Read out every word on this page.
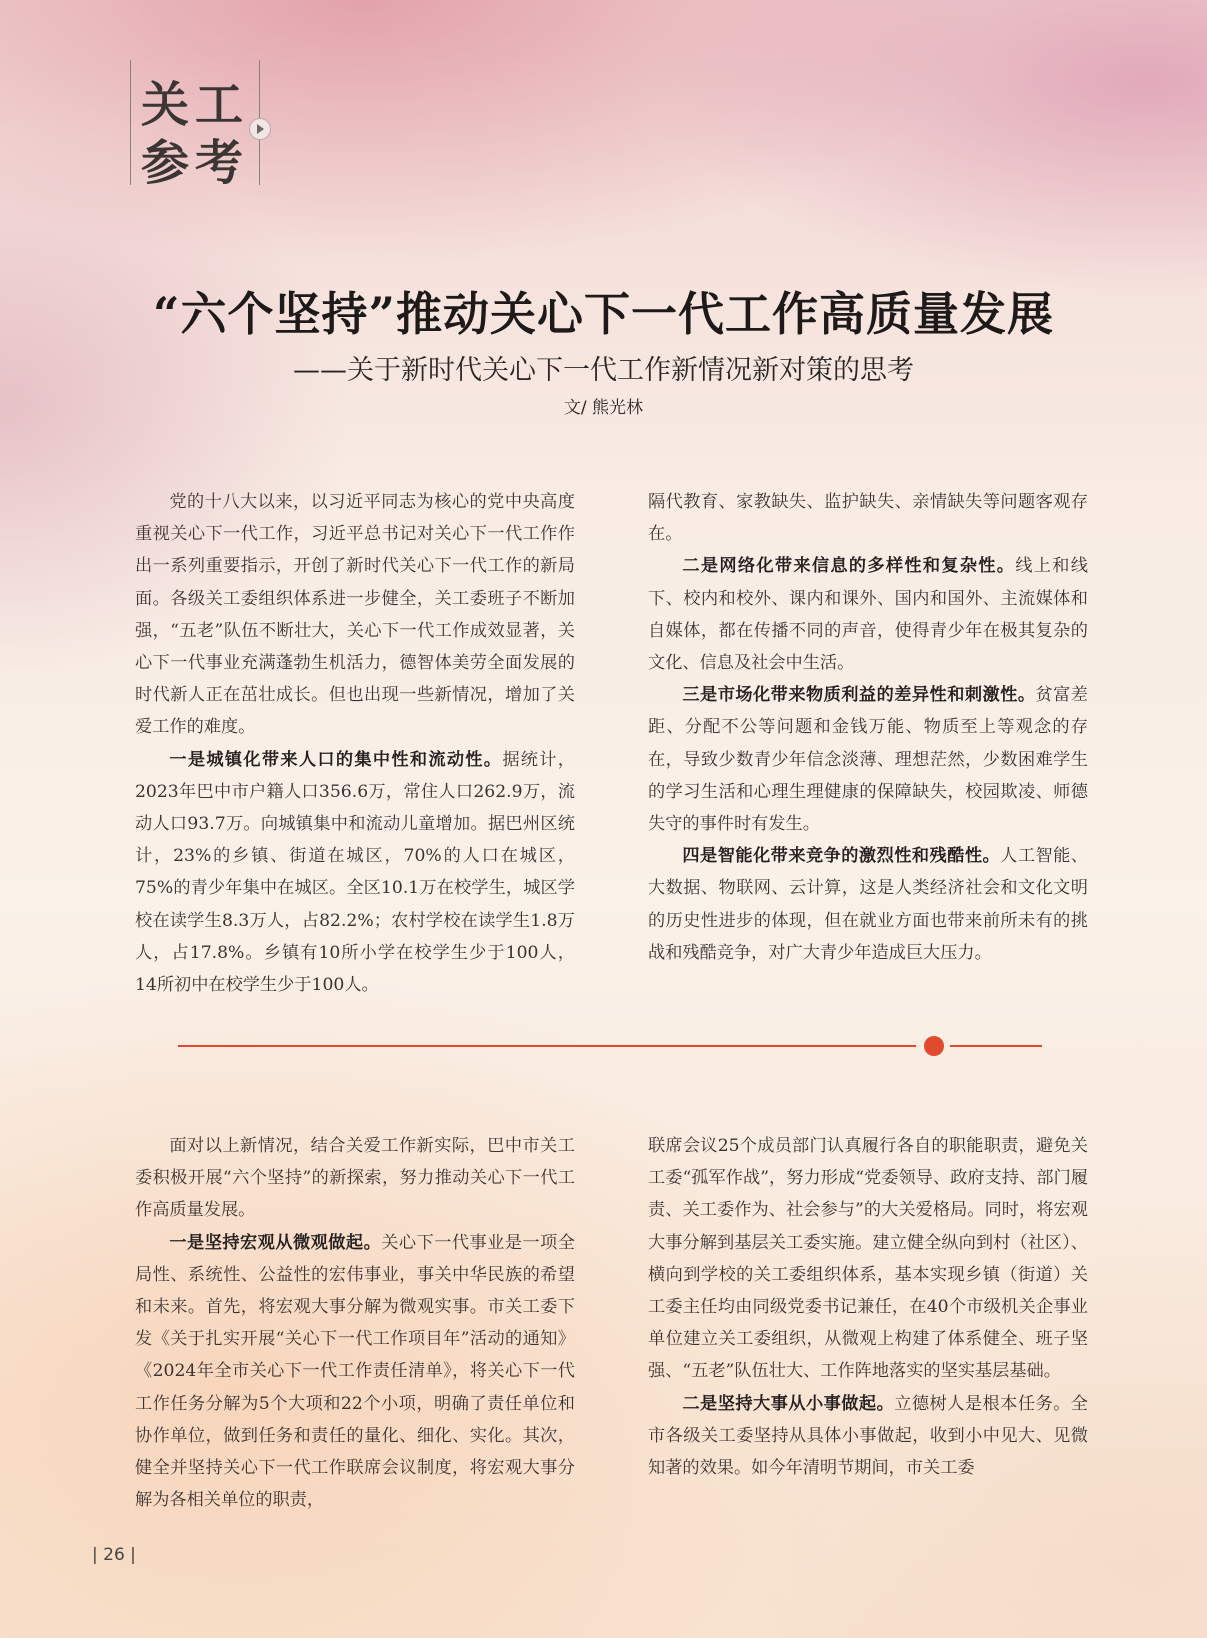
关工
参考
“六个坚持”推动关心下一代工作高质量发展
——关于新时代关心下一代工作新情况新对策的思考
文/ 熊光林

党的十八大以来，以习近平同志为核心的党中央高度重视关心下一代工作，习近平总书记对关心下一代工作作出一系列重要指示，开创了新时代关心下一代工作的新局面。各级关工委组织体系进一步健全，关工委班子不断加强，“五老”队伍不断壮大，关心下一代工作成效显著，关心下一代事业充满蓬勃生机活力，德智体美劳全面发展的时代新人正在茁壮成长。但也出现一些新情况，增加了关爱工作的难度。

一是城镇化带来人口的集中性和流动性。据统计，2023年巴中市户籍人口356.6万，常住人口262.9万，流动人口93.7万。向城镇集中和流动儿童增加。据巴州区统计，23%的乡镇、街道在城区，70%的人口在城区，75%的青少年集中在城区。全区10.1万在校学生，城区学校在读学生8.3万人，占82.2%；农村学校在读学生1.8万人，占17.8%。乡镇有10所小学在校学生少于100人，14所初中在校学生少于100人。

隔代教育、家教缺失、监护缺失、亲情缺失等问题客观存在。

二是网络化带来信息的多样性和复杂性。线上和线下、校内和校外、课内和课外、国内和国外、主流媒体和自媒体，都在传播不同的声音，使得青少年在极其复杂的文化、信息及社会中生活。

三是市场化带来物质利益的差异性和刺激性。贫富差距、分配不公等问题和金钱万能、物质至上等观念的存在，导致少数青少年信念淡薄、理想茫然，少数困难学生的学习生活和心理生理健康的保障缺失，校园欺凌、师德失守的事件时有发生。

四是智能化带来竞争的激烈性和残酷性。人工智能、大数据、物联网、云计算，这是人类经济社会和文化文明的历史性进步的体现，但在就业方面也带来前所未有的挑战和残酷竞争，对广大青少年造成巨大压力。

面对以上新情况，结合关爱工作新实际，巴中市关工委积极开展“六个坚持”的新探索，努力推动关心下一代工作高质量发展。

一是坚持宏观从微观做起。关心下一代事业是一项全局性、系统性、公益性的宏伟事业，事关中华民族的希望和未来。首先，将宏观大事分解为微观实事。市关工委下发《关于扎实开展“关心下一代工作项目年”活动的通知》《2024年全市关心下一代工作责任清单》，将关心下一代工作任务分解为5个大项和22个小项，明确了责任单位和协作单位，做到任务和责任的量化、细化、实化。其次，健全并坚持关心下一代工作联席会议制度，将宏观大事分解为各相关单位的职责，

联席会议25个成员部门认真履行各自的职能职责，避免关工委“孤军作战”，努力形成“党委领导、政府支持、部门履责、关工委作为、社会参与”的大关爱格局。同时，将宏观大事分解到基层关工委实施。建立健全纵向到村（社区）、横向到学校的关工委组织体系，基本实现乡镇（街道）关工委主任均由同级党委书记兼任，在40个市级机关企事业单位建立关工委组织，从微观上构建了体系健全、班子坚强、“五老”队伍壮大、工作阵地落实的坚实基层基础。

二是坚持大事从小事做起。立德树人是根本任务。全市各级关工委坚持从具体小事做起，收到小中见大、见微知著的效果。如今年清明节期间，市关工委

| 26 |
